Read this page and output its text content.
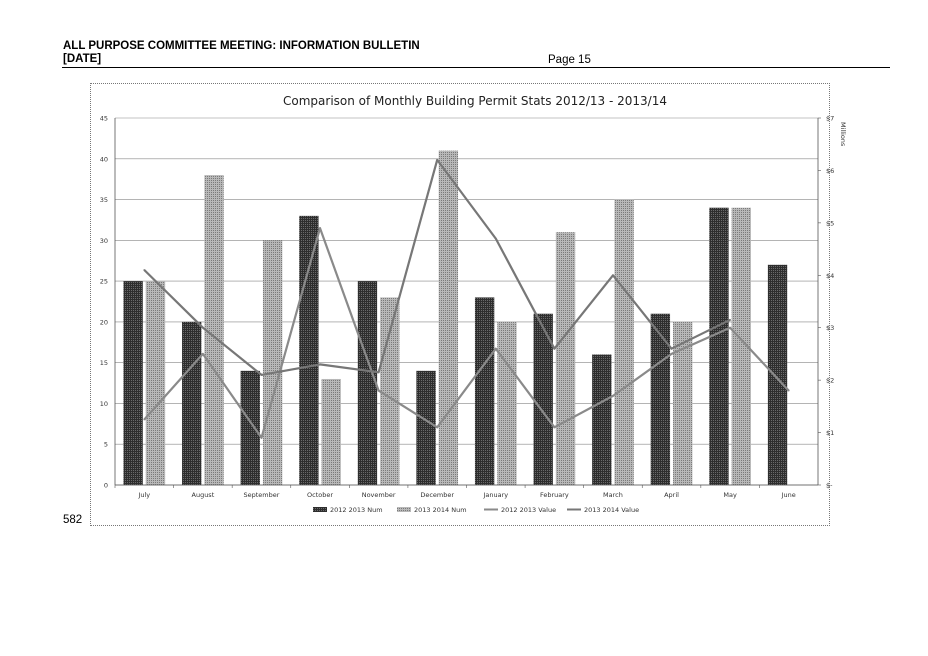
ALL PURPOSE COMMITTEE MEETING: INFORMATION BULLETIN
[DATE]	Page 15
582
Comparison of Monthly Building Permit Stats 2012/13 - 2013/14
0
5
10
15
20
25
30
35
40
45
$-
$1
$2
$3
$4
$5
$6
$7
July	August	September	October	November	December	January	February	March	April	May	June
Millions
2012 2013 Num	2013 2014 Num	2012 2013 Value	2013 2014 Value
